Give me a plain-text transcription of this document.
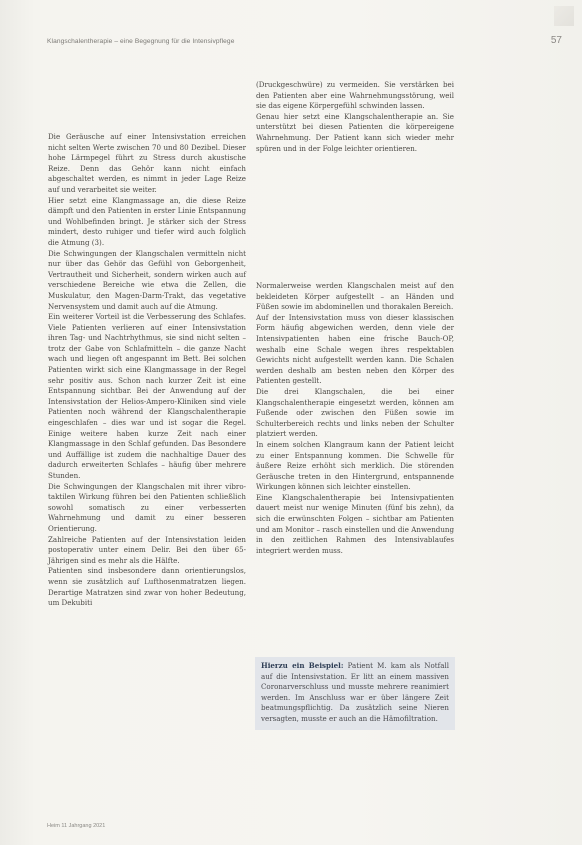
Klangschalentherapie – eine Begegnung für die Intensivpflege	57

Die Geräusche auf einer Intensivstation erreichen nicht selten Werte zwischen 70 und 80 Dezibel. Dieser hohe Lärmpegel führt zu Stress durch akustische Reize. Denn das Gehör kann nicht einfach abgeschaltet werden, es nimmt in jeder Lage Reize auf und verarbeitet sie weiter.

Hier setzt eine Klangmassage an, die diese Reize dämpft und den Patienten in erster Linie Entspannung und Wohlbefinden bringt. Je stärker sich der Stress mindert, desto ruhiger und tiefer wird auch folglich die Atmung (3).

Die Schwingungen der Klangschalen vermitteln nicht nur über das Gehör das Gefühl von Geborgenheit, Vertrautheit und Sicherheit, sondern wirken auch auf verschiedene Bereiche wie etwa die Zellen, die Muskulatur, den Magen-Darm-Trakt, das vegetative Nervensystem und damit auch auf die Atmung.

Ein weiterer Vorteil ist die Verbesserung des Schlafes. Viele Patienten verlieren auf einer Intensivstation ihren Tag- und Nachtrhythmus, sie sind nicht selten – trotz der Gabe von Schlafmitteln – die ganze Nacht wach und liegen oft angespannt im Bett. Bei solchen Patienten wirkt sich eine Klangmassage in der Regel sehr positiv aus. Schon nach kurzer Zeit ist eine Entspannung sichtbar. Bei der Anwendung auf der Intensivstation der Helios-Ampero-Kliniken sind viele Patienten noch während der Klangschalentherapie eingeschlafen – dies war und ist sogar die Regel. Einige weitere haben kurze Zeit nach einer Klangmassage in den Schlaf gefunden. Das Besondere und Auffällige ist zudem die nachhaltige Dauer des dadurch erweiterten Schlafes – häufig über mehrere Stunden.

Die Schwingungen der Klangschalen mit ihrer vibro-taktilen Wirkung führen bei den Patienten schließlich sowohl somatisch zu einer verbesserten Wahrnehmung und damit zu einer besseren Orientierung.

Zahlreiche Patienten auf der Intensivstation leiden postoperativ unter einem Delir. Bei den über 65-Jährigen sind es mehr als die Hälfte.

Patienten sind insbesondere dann orientierungslos, wenn sie zusätzlich auf Lufthosenmatratzen liegen. Derartige Matratzen sind zwar von hoher Bedeutung, um Dekubiti

(Druckgeschwüre) zu vermeiden. Sie verstärken bei den Patienten aber eine Wahrnehmungsstörung, weil sie das eigene Körpergefühl schwinden lassen.

Genau hier setzt eine Klangschalentherapie an. Sie unterstützt bei diesen Patienten die körpereigene Wahrnehmung. Der Patient kann sich wieder mehr spüren und in der Folge leichter orientieren.

Normalerweise werden Klangschalen meist auf den bekleideten Körper aufgestellt – an Händen und Füßen sowie im abdominellen und thorakalen Bereich.

Auf der Intensivstation muss von dieser klassischen Form häufig abgewichen werden, denn viele der Intensivpatienten haben eine frische Bauch-OP, weshalb eine Schale wegen ihres respektablen Gewichts nicht aufgestellt werden kann. Die Schalen werden deshalb am besten neben den Körper des Patienten gestellt.

Die drei Klangschalen, die bei einer Klangschalentherapie eingesetzt werden, können am Fußende oder zwischen den Füßen sowie im Schulterbereich rechts und links neben der Schulter platziert werden.

In einem solchen Klangraum kann der Patient leicht zu einer Entspannung kommen. Die Schwelle für äußere Reize erhöht sich merklich. Die störenden Geräusche treten in den Hintergrund, entspannende Wirkungen können sich leichter einstellen.

Eine Klangschalentherapie bei Intensivpatienten dauert meist nur wenige Minuten (fünf bis zehn), da sich die erwünschten Folgen – sichtbar am Patienten und am Monitor – rasch einstellen und die Anwendung in den zeitlichen Rahmen des Intensivablaufes integriert werden muss.

Hierzu ein Beispiel: Patient M. kam als Notfall auf die Intensivstation. Er litt an einem massiven Coronarverschluss und musste mehrere reanimiert werden. Im Anschluss war er über längere Zeit beatmungspflichtig. Da zusätzlich seine Nieren versagten, musste er auch an die Hämofiltration.
Heim 11 Jahrgang 2021
